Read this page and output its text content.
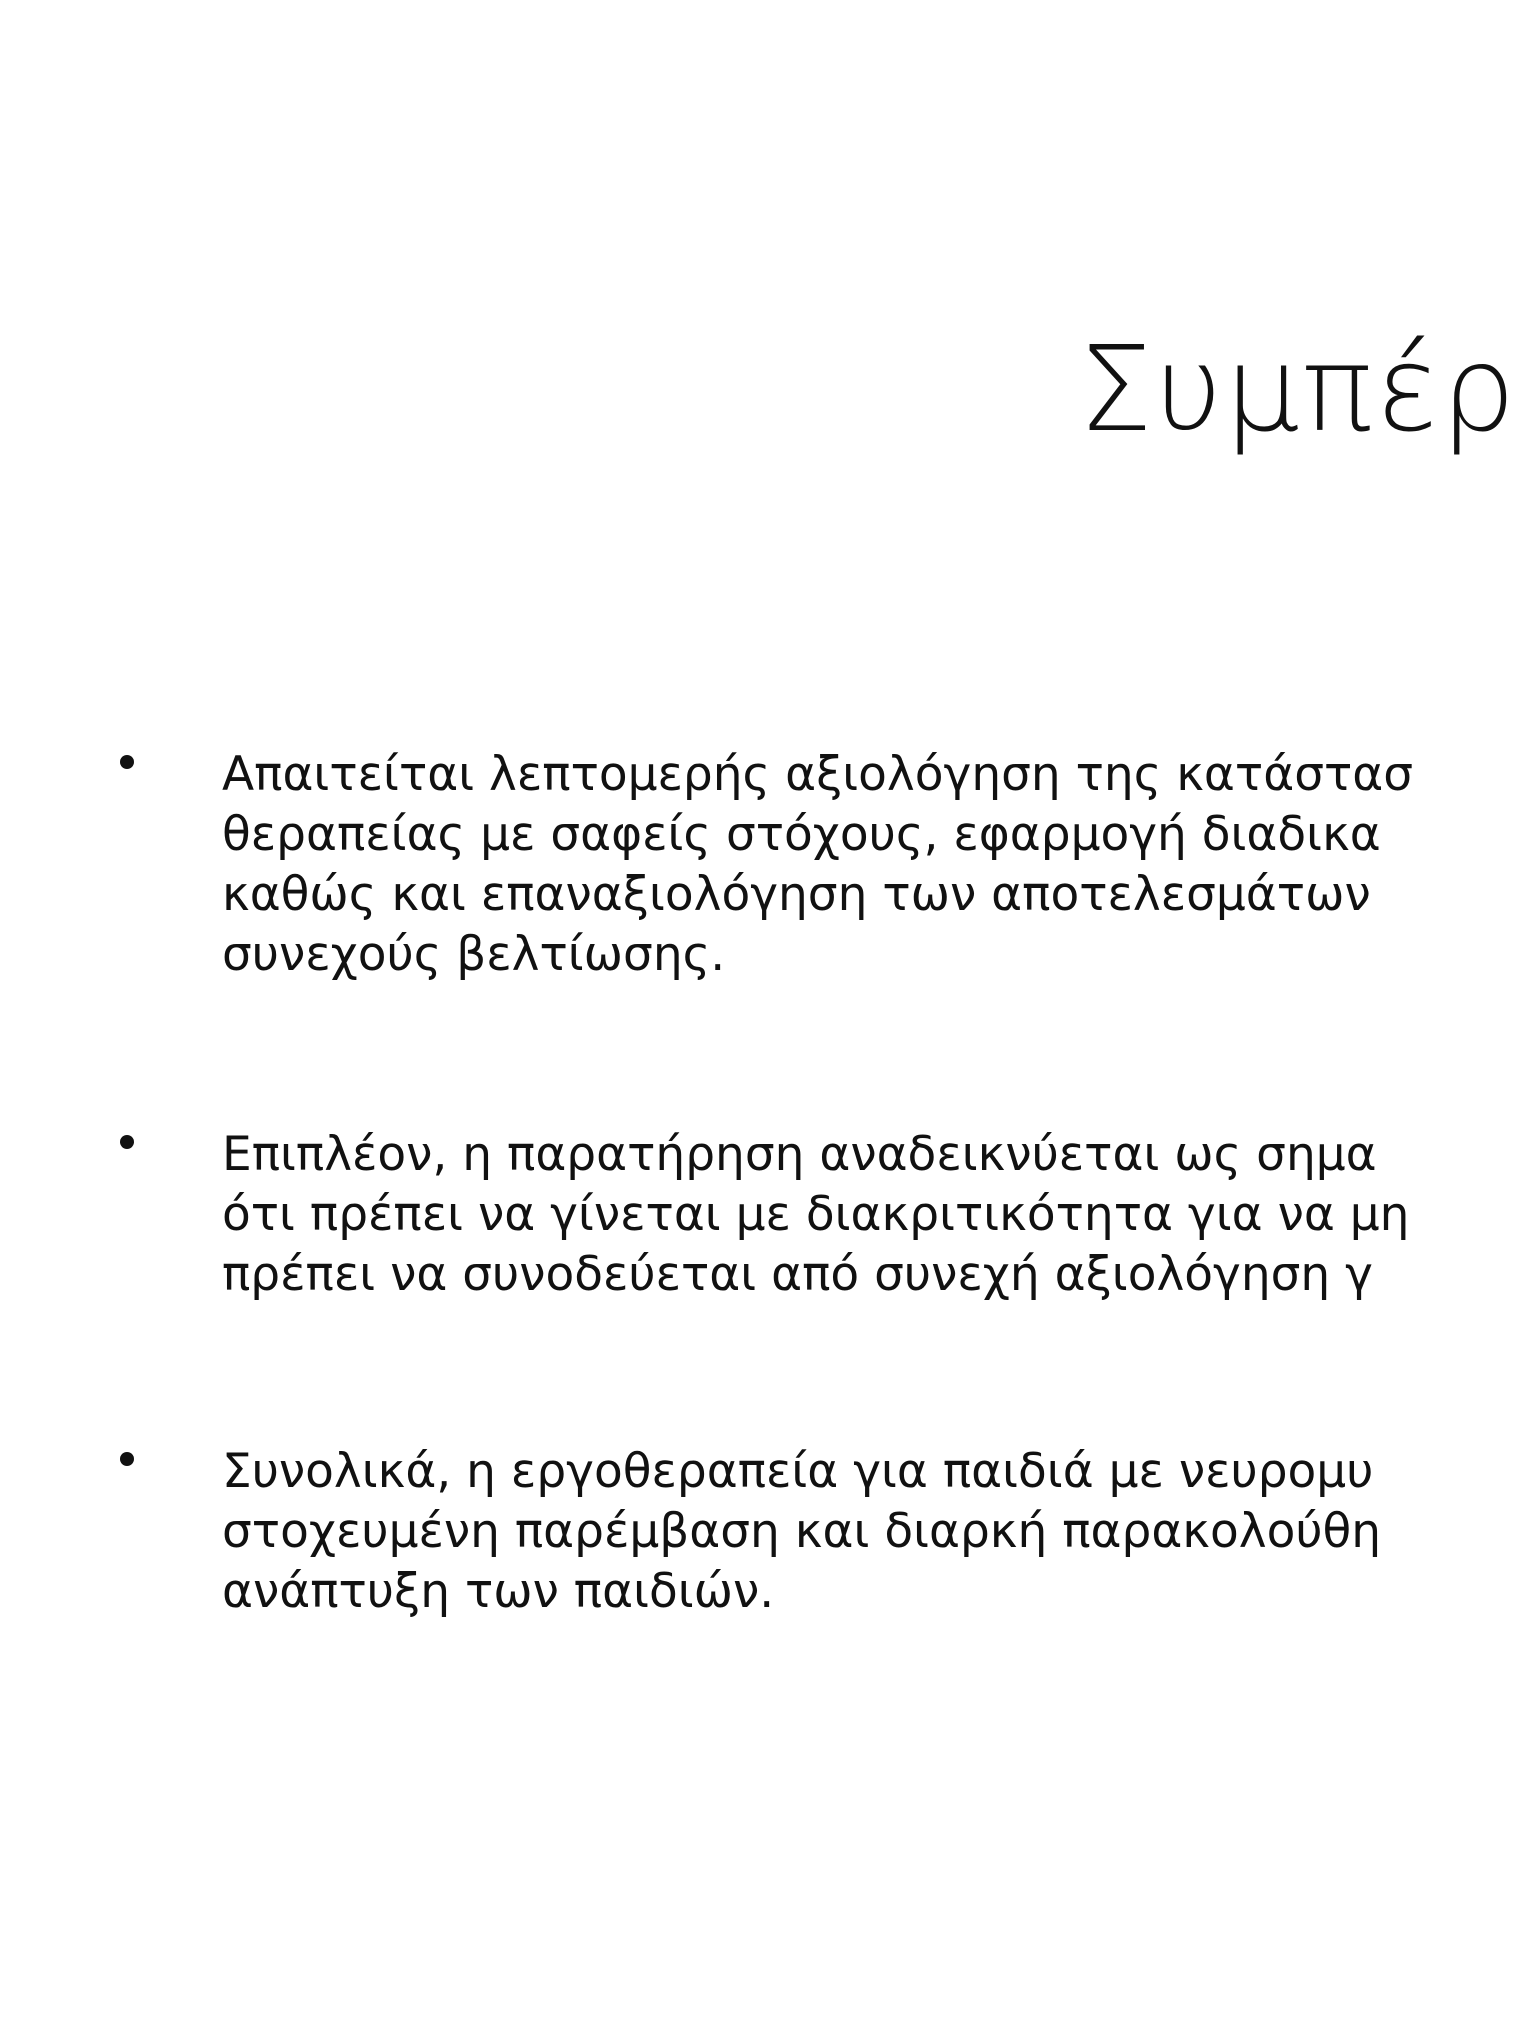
Συμπέρ
Απαιτείται λεπτομερής αξιολόγηση της κατάστασ
θεραπείας με σαφείς στόχους, εφαρμογή διαδικα
καθώς και επαναξιολόγηση των αποτελεσμάτων
συνεχούς βελτίωσης.
Επιπλέον, η παρατήρηση αναδεικνύεται ως σημα
ότι πρέπει να γίνεται με διακριτικότητα για να μη
πρέπει να συνοδεύεται από συνεχή αξιολόγηση γ
Συνολικά, η εργοθεραπεία για παιδιά με νευρομυ
στοχευμένη παρέμβαση και διαρκή παρακολούθη
ανάπτυξη των παιδιών.
